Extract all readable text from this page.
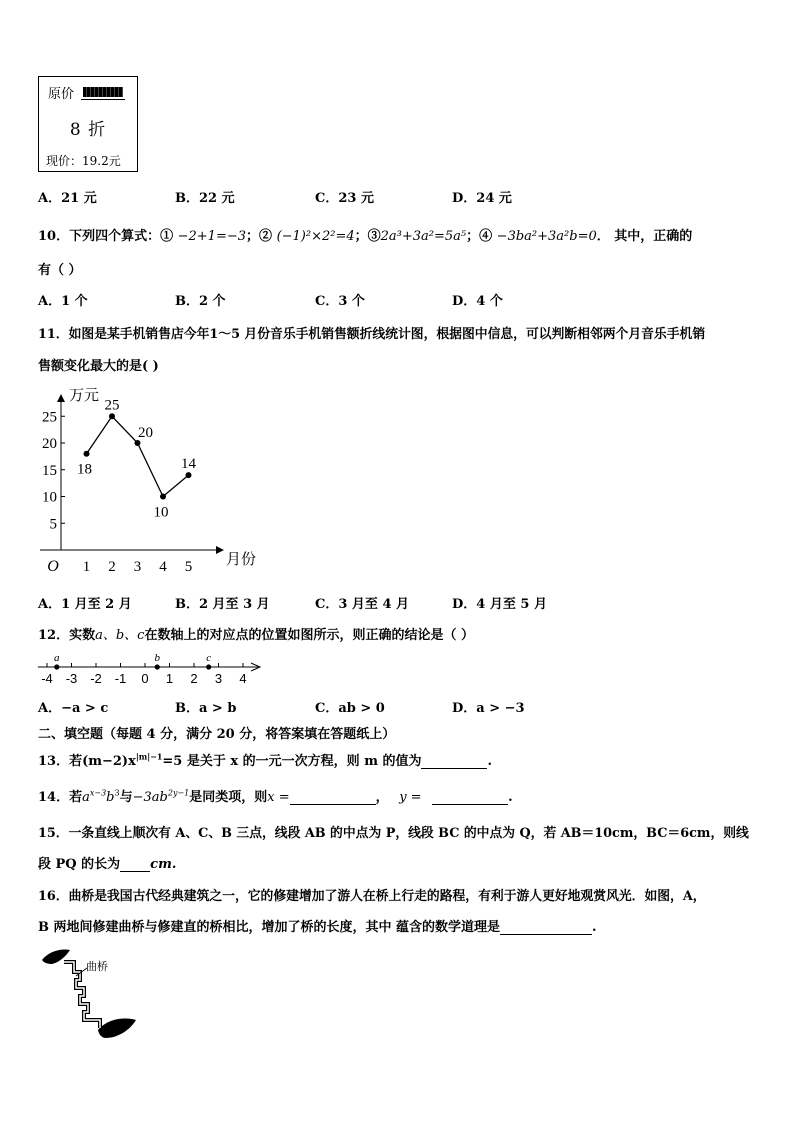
原价
8 折
现价：19.2元
A．21 元	B．22 元	C．23 元	D．24 元
10．下列四个算式：① −2+1=−3；② (−1)²×2²=4；③2a³+3a²=5a⁵；④ −3ba²+3a²b=0． 其中，正确的
有（ ）
A．1 个	B．2 个	C．3 个	D．4 个
11．如图是某手机销售店今年1～5 月份音乐手机销售额折线统计图，根据图中信息，可以判断相邻两个月音乐手机销
售额变化最大的是( )
万元
月份
O
5
10
15
20
25
1 2 3 4 5
18
25
20
10
14
A．1 月至 2 月	B．2 月至 3 月	C．3 月至 4 月	D．4 月至 5 月
12．实数a、b、c在数轴上的对应点的位置如图所示，则正确的结论是（ ）
-4 -3 -2 -1 0 1 2 3 4
a	b	c
A．−a > c	B．a > b	C．ab > 0	D．a > −3
二、填空题（每题 4 分，满分 20 分，将答案填在答题纸上）
13．若$(m-2)x^{|m|-1}=5$ 是关于 x 的一元一次方程，则 m 的值为	.
14．若$a^{x-3}b^3$与$-3ab^{2y-1}$是同类项，则x =	， y =	.
15．一条直线上顺次有 A、C、B 三点，线段 AB 的中点为 P，线段 BC 的中点为 Q，若 AB＝10cm，BC＝6cm，则线
段 PQ 的长为 cm.
16．曲桥是我国古代经典建筑之一，它的修建增加了游人在桥上行走的路程，有利于游人更好地观赏风光．如图，A，
B 两地间修建曲桥与修建直的桥相比，增加了桥的长度，其中 蕴含的数学道理是	.
曲桥
